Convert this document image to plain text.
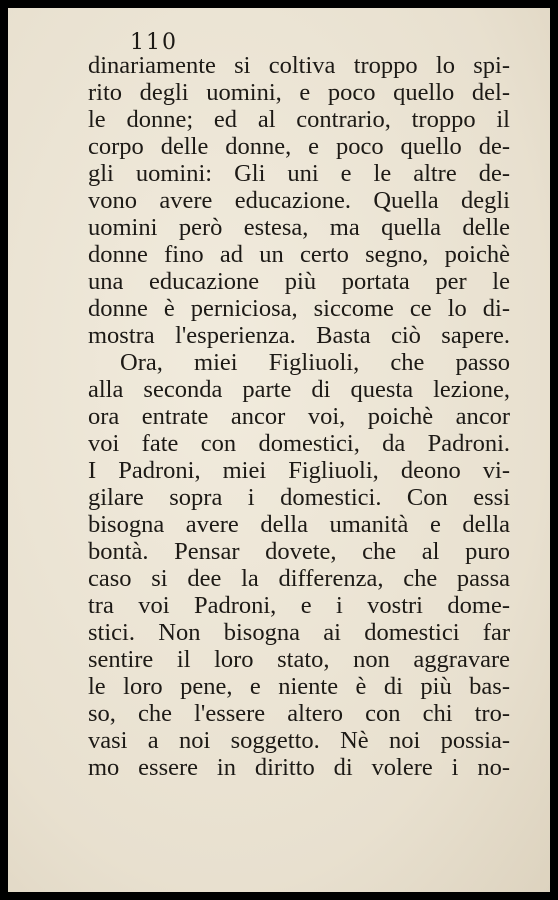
110
dinariamente si coltiva troppo lo spi-
rito degli uomini, e poco quello del-
le donne; ed al contrario, troppo il
corpo delle donne, e poco quello de-
gli uomini: Gli uni e le altre de-
vono avere educazione. Quella degli
uomini però estesa, ma quella delle
donne fino ad un certo segno, poichè
una educazione più portata per le
donne è perniciosa, siccome ce lo di-
mostra l'esperienza. Basta ciò sapere.
Ora, miei Figliuoli, che passo
alla seconda parte di questa lezione,
ora entrate ancor voi, poichè ancor
voi fate con domestici, da Padroni.
I Padroni, miei Figliuoli, deono vi-
gilare sopra i domestici. Con essi
bisogna avere della umanità e della
bontà. Pensar dovete, che al puro
caso si dee la differenza, che passa
tra voi Padroni, e i vostri dome-
stici. Non bisogna ai domestici far
sentire il loro stato, non aggravare
le loro pene, e niente è di più bas-
so, che l'essere altero con chi tro-
vasi a noi soggetto. Nè noi possia-
mo essere in diritto di volere i no-
